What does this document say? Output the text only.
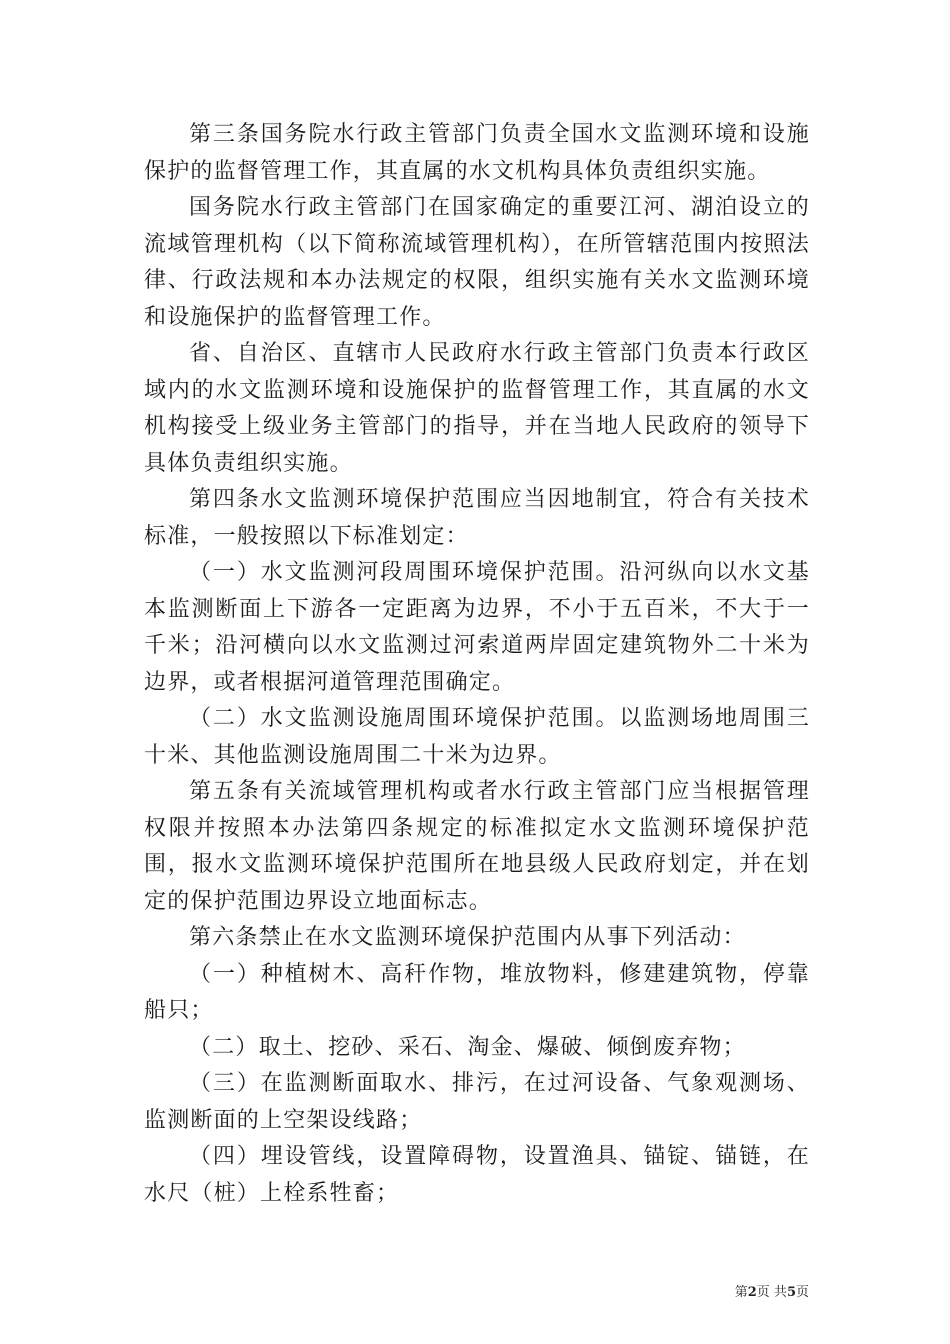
第三条国务院水行政主管部门负责全国水文监测环境和设施保护的监督管理工作，其直属的水文机构具体负责组织实施。

国务院水行政主管部门在国家确定的重要江河、湖泊设立的流域管理机构（以下简称流域管理机构），在所管辖范围内按照法律、行政法规和本办法规定的权限，组织实施有关水文监测环境和设施保护的监督管理工作。

省、自治区、直辖市人民政府水行政主管部门负责本行政区域内的水文监测环境和设施保护的监督管理工作，其直属的水文机构接受上级业务主管部门的指导，并在当地人民政府的领导下具体负责组织实施。

第四条水文监测环境保护范围应当因地制宜，符合有关技术标准，一般按照以下标准划定：

（一）水文监测河段周围环境保护范围。沿河纵向以水文基本监测断面上下游各一定距离为边界，不小于五百米，不大于一千米；沿河横向以水文监测过河索道两岸固定建筑物外二十米为边界，或者根据河道管理范围确定。

（二）水文监测设施周围环境保护范围。以监测场地周围三十米、其他监测设施周围二十米为边界。

第五条有关流域管理机构或者水行政主管部门应当根据管理权限并按照本办法第四条规定的标准拟定水文监测环境保护范围，报水文监测环境保护范围所在地县级人民政府划定，并在划定的保护范围边界设立地面标志。

第六条禁止在水文监测环境保护范围内从事下列活动：

（一）种植树木、高秆作物，堆放物料，修建建筑物，停靠船只；

（二）取土、挖砂、采石、淘金、爆破、倾倒废弃物；

（三）在监测断面取水、排污，在过河设备、气象观测场、监测断面的上空架设线路；

（四）埋设管线，设置障碍物，设置渔具、锚锭、锚链，在水尺（桩）上栓系牲畜；

第2页 共5页
